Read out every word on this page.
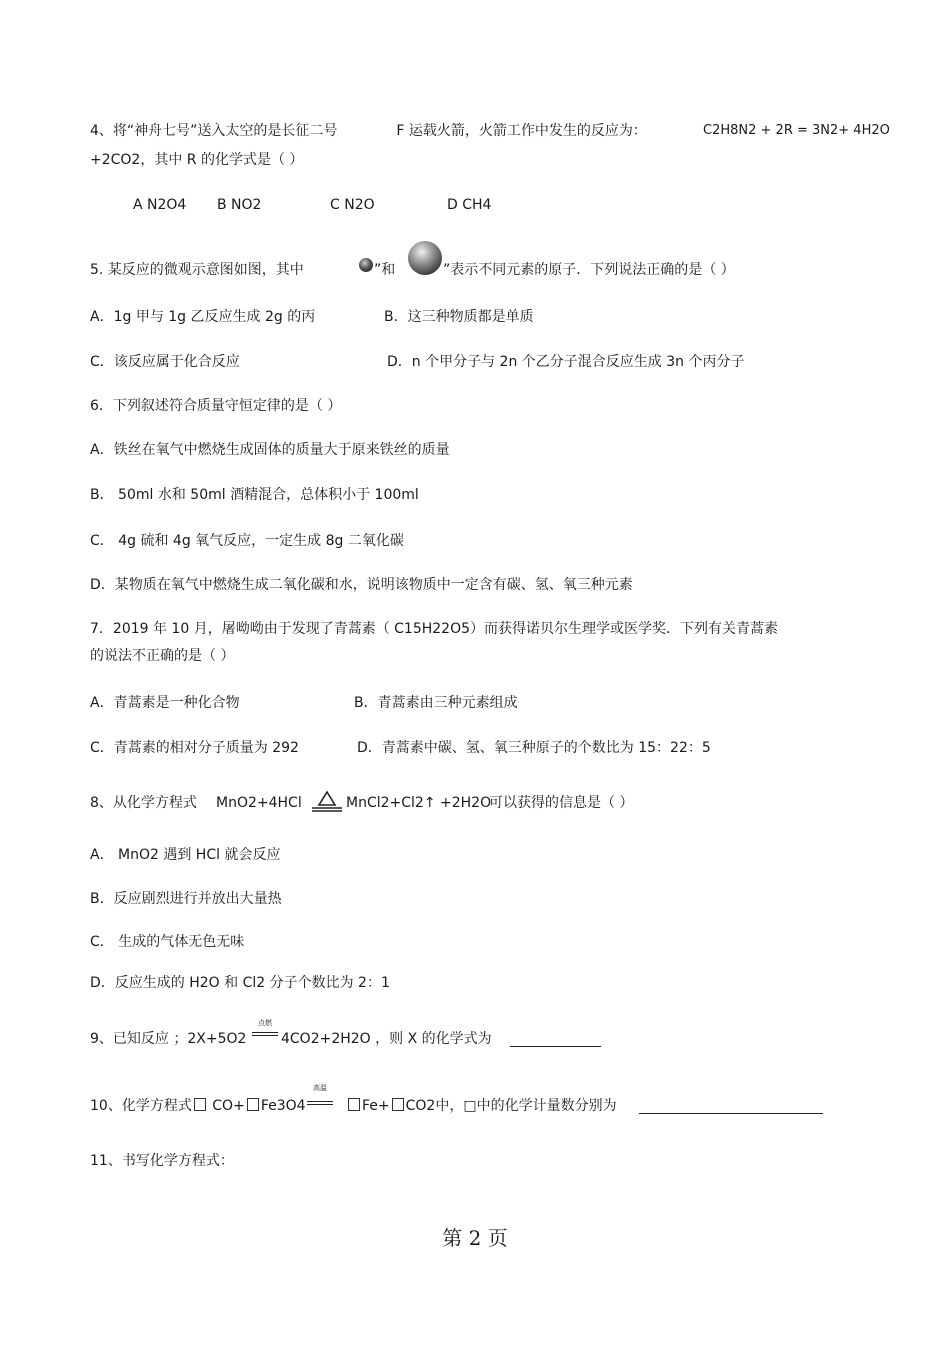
4、将“神舟七号”送入太空的是长征二号	F 运载火箭，火箭工作中发生的反应为：	C2H8N2 + 2R = 3N2+ 4H2O
+2CO2，其中 R 的化学式是（ ）
A N2O4 B NO2	C N2O	D CH4
5. 某反应的微观示意图如图，其中	”和	”表示不同元素的原子．下列说法正确的是（ ）
A．1g 甲与 1g 乙反应生成 2g 的丙	B．这三种物质都是单质
C．该反应属于化合反应	D．n 个甲分子与 2n 个乙分子混合反应生成 3n 个丙分子
6．下列叙述符合质量守恒定律的是（ ）
A．铁丝在氧气中燃烧生成固体的质量大于原来铁丝的质量
B． 50ml 水和 50ml 酒精混合，总体积小于 100ml
C． 4g 硫和 4g 氧气反应，一定生成 8g 二氧化碳
D．某物质在氧气中燃烧生成二氧化碳和水，说明该物质中一定含有碳、氢、氧三种元素
7．2019 年 10 月，屠呦呦由于发现了青蒿素（ C15H22O5）而获得诺贝尔生理学或医学奖．下列有关青蒿素
的说法不正确的是（ ）
A．青蒿素是一种化合物	B．青蒿素由三种元素组成
C．青蒿素的相对分子质量为 292	D．青蒿素中碳、氢、氧三种原子的个数比为 15：22：5
8、从化学方程式 MnO2+4HCl	MnCl2+Cl2↑ +2H2O
可以获得的信息是（ ）
A． MnO2 遇到 HCl 就会反应
B．反应剧烈进行并放出大量热
C． 生成的气体无色无味
D．反应生成的 H2O 和 Cl2 分子个数比为 2：1
9、已知反应 ；2X+5O2
点燃
4CO2+2H2O ，则 X 的化学式为
10、化学方程式 CO+ Fe3O4
高温
Fe+ CO2中，□中的化学计量数分别为
11、书写化学方程式：
第 2 页
